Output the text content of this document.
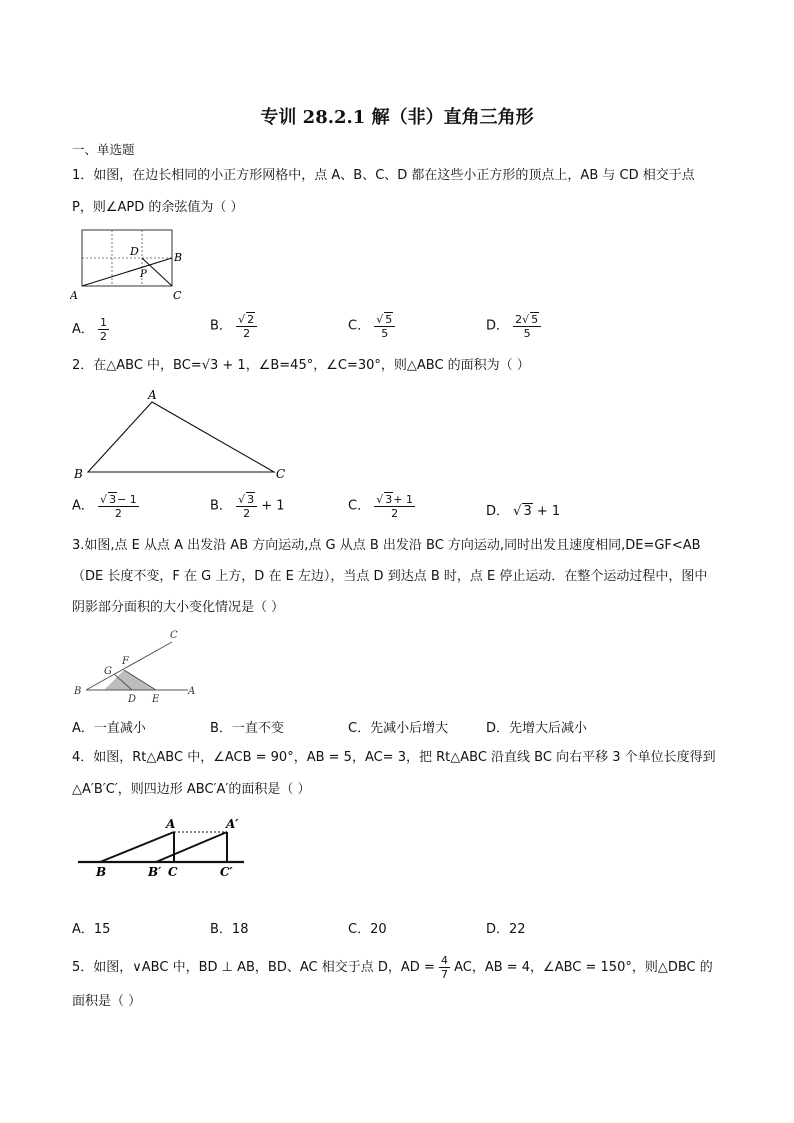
专训 28.2.1 解（非）直角三角形
一、单选题
1．如图，在边长相同的小正方形网格中，点 A、B、C、D 都在这些小正方形的顶点上，AB 与 CD 相交于点
P，则∠APD 的余弦值为（ ）
A
B
C
D
P
A． $\frac{1}{2}$	B． $\frac{√ 2}{2}$	C． $\frac{√ 5}{5}$	D． $\frac{2√ 5}{5}$
2．在△ABC 中，BC=√3 + 1，∠B=45°，∠C=30°，则△ABC 的面积为（ ）
A
B	C
A． $\frac{√ 3- 1}{2}$	B． $\frac{√ 3}{2} + 1$	C． $\frac{√ 3+ 1}{2}$	D． √ 3 + 1
3.如图,点 E 从点 A 出发沿 AB 方向运动,点 G 从点 B 出发沿 BC 方向运动,同时出发且速度相同,DE=GF<AB
（DE 长度不变，F 在 G 上方，D 在 E 左边），当点 D 到达点 B 时，点 E 停止运动．在整个运动过程中，图中
阴影部分面积的大小变化情况是（ ）
B
C
G
F
D E
A
A．一直减小	B．一直不变	C．先减小后增大	D．先增大后减小
4．如图，Rt△ABC 中，∠ACB = 90°，AB = 5，AC= 3，把 Rt△ABC 沿直线 BC 向右平移 3 个单位长度得到
△A′B′C′，则四边形 ABC′A′的面积是（ ）
A	A′
B	B′ C	C′
A．15	B．18	C．20	D．22
5．如图，∨ABC 中，BD ⊥ AB，BD、AC 相交于点 D，AD = $\frac{4}{7}$ AC，AB = 4，∠ABC = 150°，则△DBC 的
面积是（ ）
